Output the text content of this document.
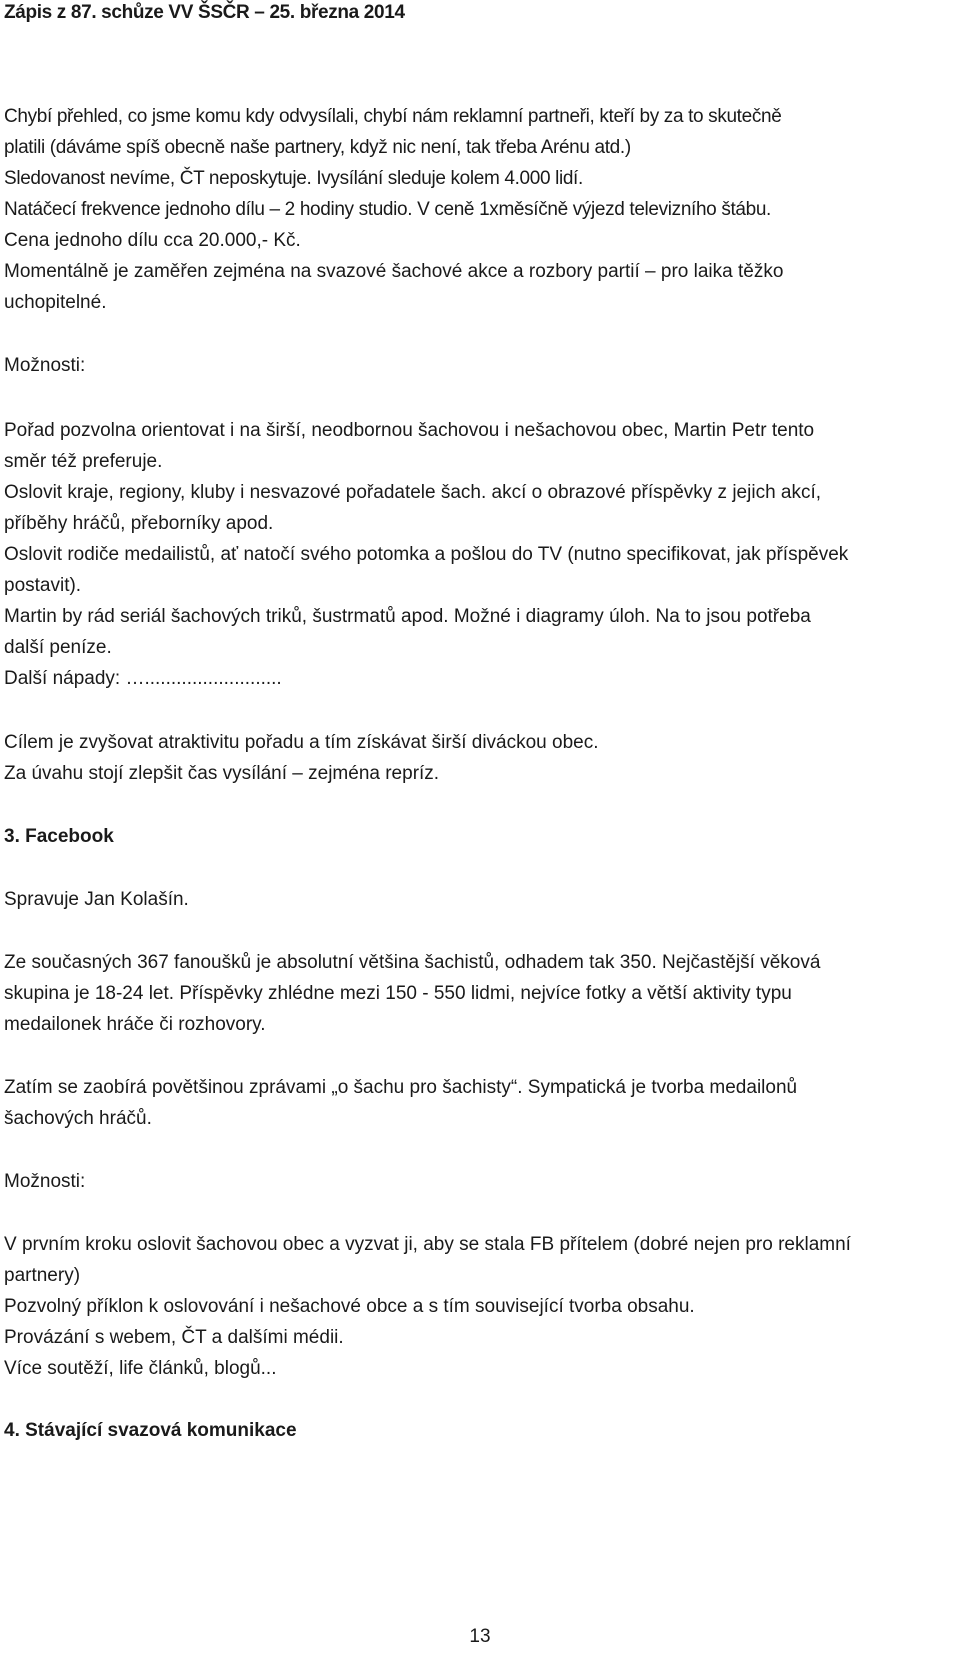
Zápis z 87. schůze VV ŠSČR – 25. března 2014

Chybí přehled, co jsme komu kdy odvysílali, chybí nám reklamní partneři, kteří by za to skutečně

platili (dáváme spíš obecně naše partnery, když nic není, tak třeba Arénu atd.)

Sledovanost nevíme, ČT neposkytuje. Ivysílání sleduje kolem 4.000 lidí.

Natáčecí frekvence jednoho dílu – 2 hodiny studio. V ceně 1xměsíčně výjezd televizního štábu.

Cena jednoho dílu cca 20.000,- Kč.

Momentálně je zaměřen zejména na svazové šachové akce a rozbory partií – pro laika těžko

uchopitelné.

Možnosti:

Pořad pozvolna orientovat i na širší, neodbornou šachovou i nešachovou obec, Martin Petr tento

směr též preferuje.

Oslovit kraje, regiony, kluby i nesvazové pořadatele šach. akcí o obrazové příspěvky z jejich akcí,

příběhy hráčů, přeborníky apod.

Oslovit rodiče medailistů, ať natočí svého potomka a pošlou do TV (nutno specifikovat, jak příspěvek

postavit).

Martin by rád seriál šachových triků, šustrmatů apod. Možné i diagramy úloh. Na to jsou potřeba

další peníze.

Další nápady: …..........................

Cílem je zvyšovat atraktivitu pořadu a tím získávat širší diváckou obec.

Za úvahu stojí zlepšit čas vysílání – zejména repríz.

3. Facebook

Spravuje Jan Kolašín.

Ze současných 367 fanoušků je absolutní většina šachistů, odhadem tak 350. Nejčastější věková

skupina je 18-24 let. Příspěvky zhlédne mezi 150 - 550 lidmi, nejvíce fotky a větší aktivity typu

medailonek hráče či rozhovory.

Zatím se zaobírá povětšinou zprávami „o šachu pro šachisty“. Sympatická je tvorba medailonů

šachových hráčů.

Možnosti:

V prvním kroku oslovit šachovou obec a vyzvat ji, aby se stala FB přítelem (dobré nejen pro reklamní

partnery)

Pozvolný příklon k oslovování i nešachové obce a s tím související tvorba obsahu.

Provázání s webem, ČT a dalšími médii.

Více soutěží, life článků, blogů...

4. Stávající svazová komunikace

13
